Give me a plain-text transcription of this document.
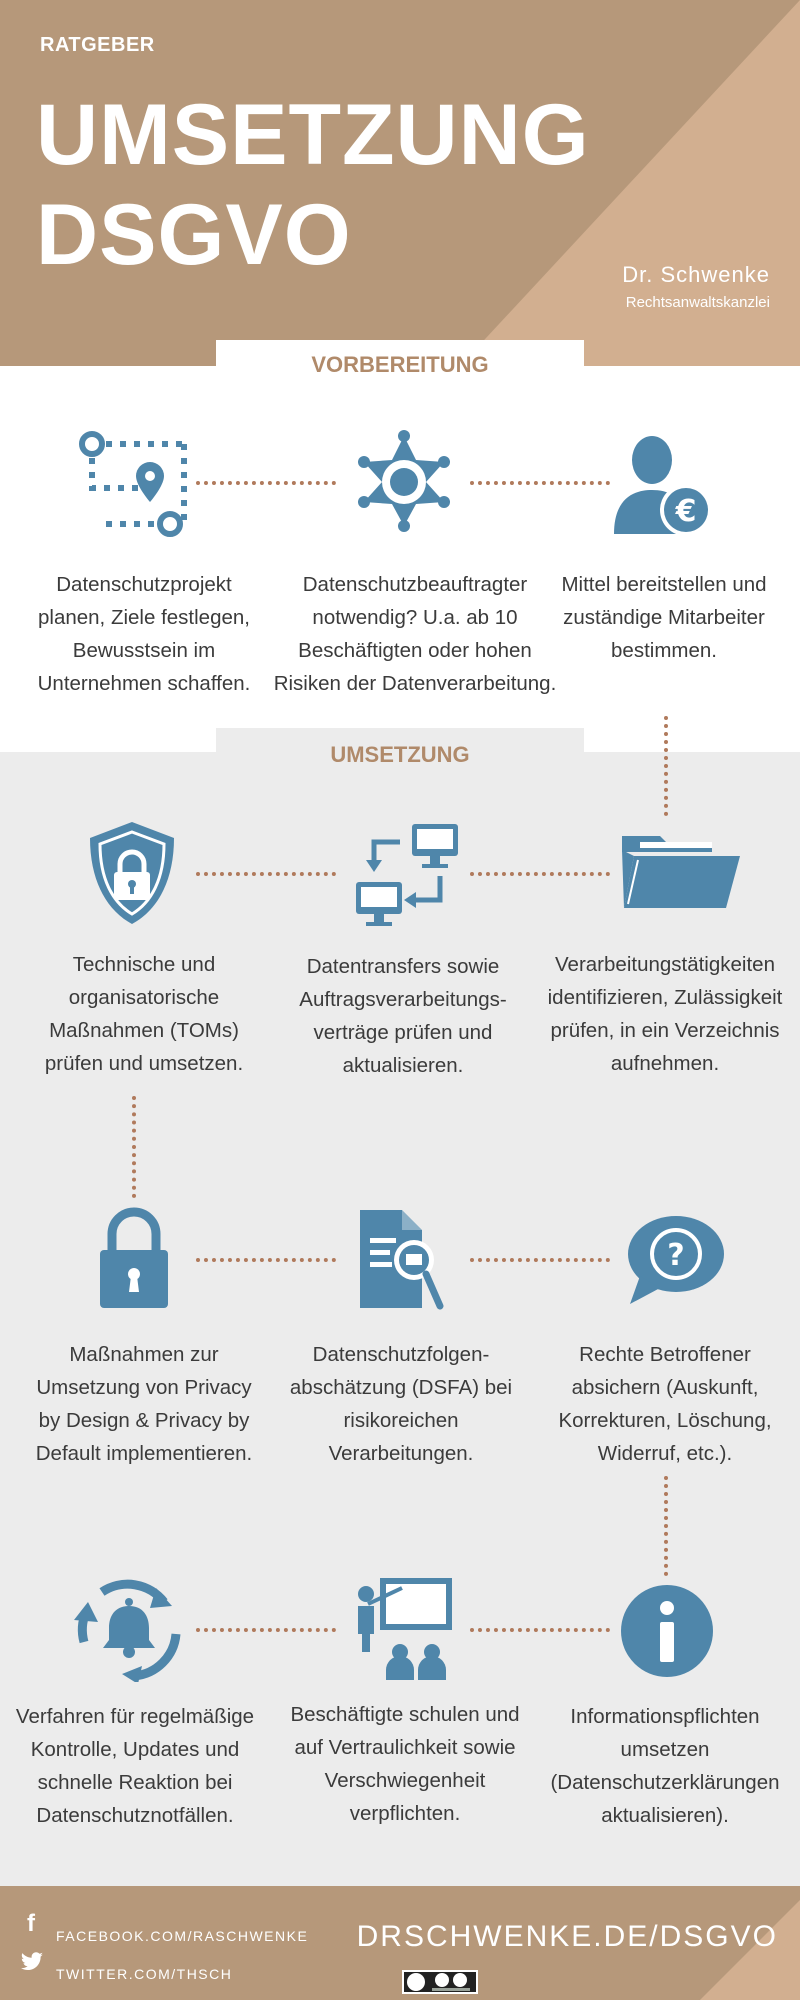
RATGEBER
UMSETZUNG
DSGVO	Dr. Schwenke
Rechtsanwaltskanzlei
VORBEREITUNG
UMSETZUNG
€
Datenschutzprojekt planen, Ziele festlegen, Bewusstsein im Unternehmen schaffen.
Datenschutzbeauftragter notwendig? U.a. ab 10 Beschäftigten oder hohen Risiken der Datenverarbeitung.
Mittel bereitstellen und zuständige Mitarbeiter bestimmen.
Technische und organisatorische Maßnahmen (TOMs) prüfen und umsetzen.
Datentransfers sowie Auftragsverarbeitungs-verträge prüfen und aktualisieren.
Verarbeitungstätigkeiten identifizieren, Zulässigkeit prüfen, in ein Verzeichnis aufnehmen.
?
Maßnahmen zur Umsetzung von Privacy by Design & Privacy by Default implementieren.
Datenschutzfolgen-abschätzung (DSFA) bei risikoreichen Verarbeitungen.
Rechte Betroffener absichern (Auskunft, Korrekturen, Löschung, Widerruf, etc.).
Verfahren für regelmäßige Kontrolle, Updates und schnelle Reaktion bei Datenschutznotfällen.
Beschäftigte schulen und auf Vertraulichkeit sowie Verschwiegenheit verpflichten.
Informationspflichten umsetzen (Datenschutzerklärungen aktualisieren).
f	FACEBOOK.COM/RASCHWENKE
TWITTER.COM/THSCH
DRSCHWENKE.DE/DSGVO
